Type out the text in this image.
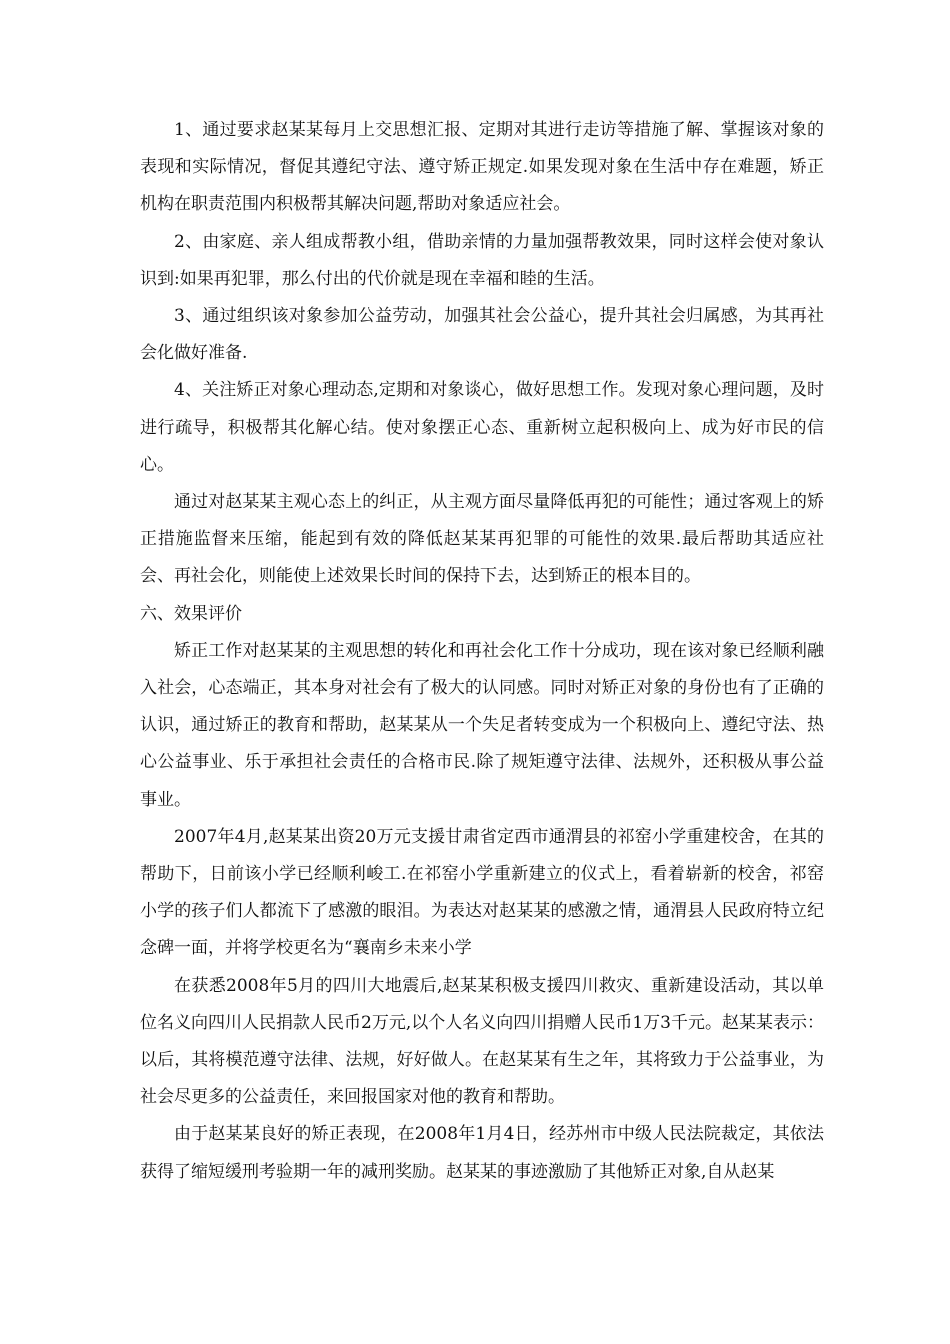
1、通过要求赵某某每月上交思想汇报、定期对其进行走访等措施了解、掌握该对象的表现和实际情况，督促其遵纪守法、遵守矫正规定.如果发现对象在生活中存在难题，矫正机构在职责范围内积极帮其解决问题,帮助对象适应社会。

2、由家庭、亲人组成帮教小组，借助亲情的力量加强帮教效果，同时这样会使对象认识到:如果再犯罪，那么付出的代价就是现在幸福和睦的生活。

3、通过组织该对象参加公益劳动，加强其社会公益心，提升其社会归属感，为其再社会化做好准备.

4、关注矫正对象心理动态,定期和对象谈心，做好思想工作。发现对象心理问题，及时进行疏导，积极帮其化解心结。使对象摆正心态、重新树立起积极向上、成为好市民的信心。

通过对赵某某主观心态上的纠正，从主观方面尽量降低再犯的可能性；通过客观上的矫正措施监督来压缩，能起到有效的降低赵某某再犯罪的可能性的效果.最后帮助其适应社会、再社会化，则能使上述效果长时间的保持下去，达到矫正的根本目的。

六、效果评价

矫正工作对赵某某的主观思想的转化和再社会化工作十分成功，现在该对象已经顺利融入社会，心态端正，其本身对社会有了极大的认同感。同时对矫正对象的身份也有了正确的认识，通过矫正的教育和帮助，赵某某从一个失足者转变成为一个积极向上、遵纪守法、热心公益事业、乐于承担社会责任的合格市民.除了规矩遵守法律、法规外，还积极从事公益事业。

2007年4月,赵某某出资20万元支援甘肃省定西市通渭县的祁窑小学重建校舍，在其的帮助下，日前该小学已经顺利峻工.在祁窑小学重新建立的仪式上，看着崭新的校舍，祁窑小学的孩子们人都流下了感激的眼泪。为表达对赵某某的感激之情，通渭县人民政府特立纪念碑一面，并将学校更名为“襄南乡未来小学

在获悉2008年5月的四川大地震后,赵某某积极支援四川救灾、重新建设活动，其以单位名义向四川人民捐款人民币2万元,以个人名义向四川捐赠人民币1万3千元。赵某某表示：以后，其将模范遵守法律、法规，好好做人。在赵某某有生之年，其将致力于公益事业，为社会尽更多的公益责任，来回报国家对他的教育和帮助。

由于赵某某良好的矫正表现，在2008年1月4日，经苏州市中级人民法院裁定，其依法获得了缩短缓刑考验期一年的减刑奖励。赵某某的事迹激励了其他矫正对象,自从赵某
